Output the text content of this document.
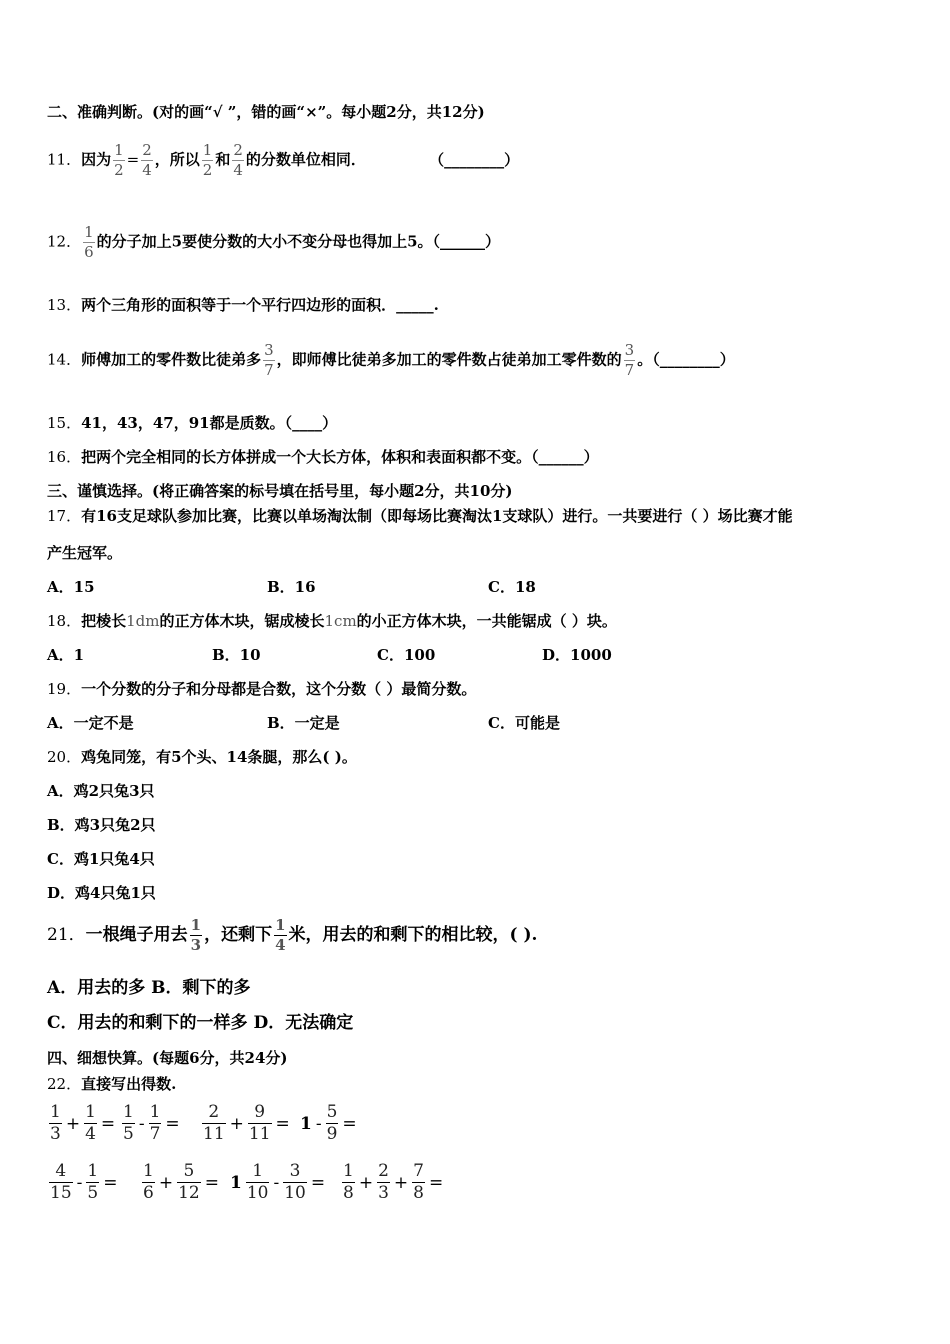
二、准确判断。(对的画“√ ”，错的画“×”。每小题2分，共12分)
11．因为 $\frac{1}{2} = \frac{2}{4}$ ，所以 $\frac{1}{2}$ 和 $\frac{2}{4}$ 的分数单位相同．	（________）
12． $\frac{1}{6}$ 的分子加上5要使分数的大小不变分母也得加上5。（______）
13．两个三角形的面积等于一个平行四边形的面积．_____.
14．师傅加工的零件数比徒弟多 $\frac{3}{7}$ ，即师傅比徒弟多加工的零件数占徒弟加工零件数的 $\frac{3}{7}$ 。（________）
15．41，43，47，91都是质数。（____）
16．把两个完全相同的长方体拼成一个大长方体，体积和表面积都不变。（______）
三、谨慎选择。(将正确答案的标号填在括号里，每小题2分，共10分)
17．有16支足球队参加比赛，比赛以单场淘汰制（即每场比赛淘汰1支球队）进行。一共要进行（ ）场比赛才能
产生冠军。
A．15	B．16	C．18
18．把棱长1dm的正方体木块，锯成棱长1cm的小正方体木块，一共能锯成（ ）块。
A．1	B．10	C．100	D．1000
19．一个分数的分子和分母都是合数，这个分数（ ）最简分数。
A．一定不是	B．一定是	C．可能是
20．鸡兔同笼，有5个头、14条腿，那么( )。
A．鸡2只兔3只
B．鸡3只兔2只
C．鸡1只兔4只
D．鸡4只兔1只
21．一根绳子用去 $\frac{1}{3}$ ，还剩下 $\frac{1}{4}$ 米，用去的和剩下的相比较，( ).
A．用去的多 B．剩下的多
C．用去的和剩下的一样多 D．无法确定
四、细想快算。(每题6分，共24分)
22．直接写出得数.
$\frac{1}{3} + \frac{1}{4} = \frac{1}{5} - \frac{1}{7} = \frac{2}{11} + \frac{9}{11} = 1 - \frac{5}{9}$ =
$\frac{4}{15} - \frac{1}{5} = \frac{1}{6} + \frac{5}{12} = 1 \frac{1}{10} - \frac{3}{10} = \frac{1}{8} + \frac{2}{3} + \frac{7}{8}$ =
